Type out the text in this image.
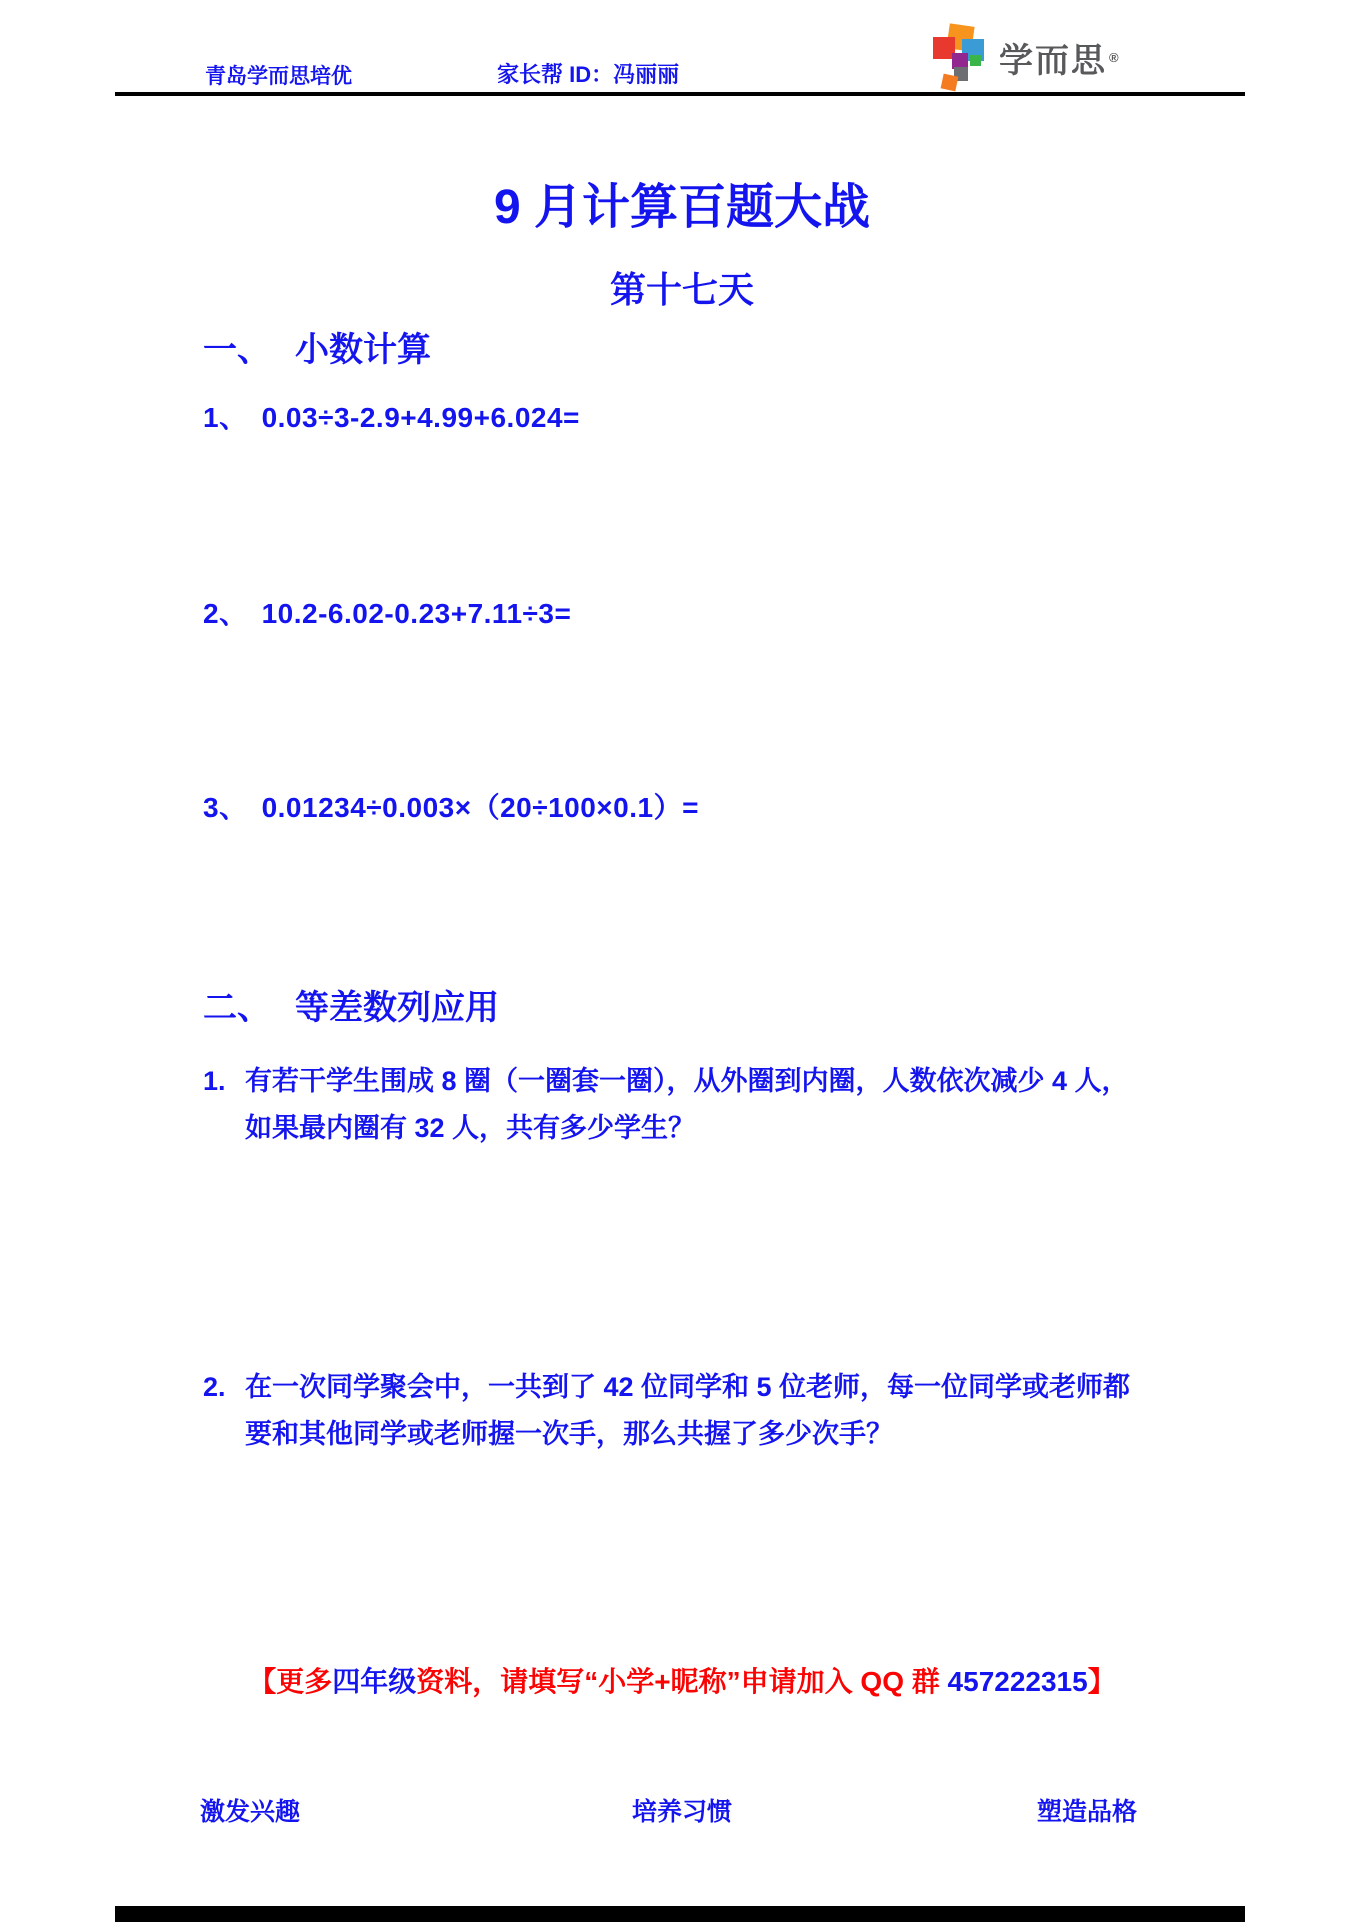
青岛学而思培优	家长帮 ID：冯丽丽	学而思 ®
9 月计算百题大战
第十七天
一、 小数计算
1、 0.03÷3-2.9+4.99+6.024=
2、 10.2-6.02-0.23+7.11÷3=
3、 0.01234÷0.003×（20÷100×0.1）=
二、 等差数列应用
1. 有若干学生围成 8 圈（一圈套一圈），从外圈到内圈，人数依次减少 4 人，
如果最内圈有 32 人，共有多少学生？
2. 在一次同学聚会中，一共到了 42 位同学和 5 位老师，每一位同学或老师都
要和其他同学或老师握一次手，那么共握了多少次手？
【更多四年级资料，请填写“小学+昵称”申请加入 QQ 群 457222315】
激发兴趣	培养习惯	塑造品格
